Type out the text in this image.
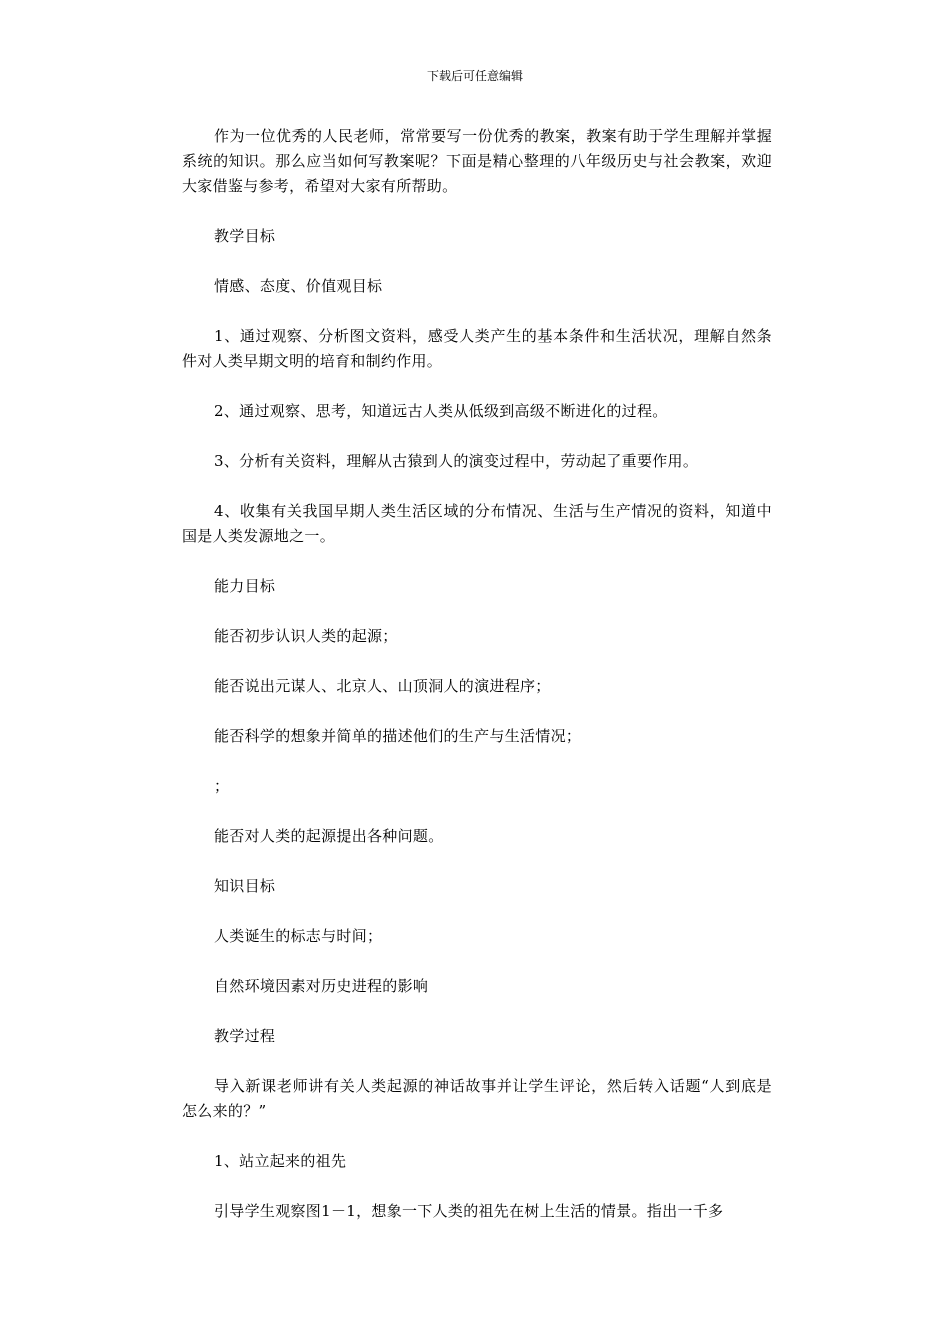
下载后可任意编辑

作为一位优秀的人民老师，常常要写一份优秀的教案，教案有助于学生理解并掌握系统的知识。那么应当如何写教案呢？下面是精心整理的八年级历史与社会教案，欢迎大家借鉴与参考，希望对大家有所帮助。

教学目标

情感、态度、价值观目标

1、通过观察、分析图文资料，感受人类产生的基本条件和生活状况，理解自然条件对人类早期文明的培育和制约作用。

2、通过观察、思考，知道远古人类从低级到高级不断进化的过程。

3、分析有关资料，理解从古猿到人的演变过程中，劳动起了重要作用。

4、收集有关我国早期人类生活区域的分布情况、生活与生产情况的资料，知道中国是人类发源地之一。

能力目标

能否初步认识人类的起源；

能否说出元谋人、北京人、山顶洞人的演进程序；

能否科学的想象并简单的描述他们的生产与生活情况；

；

能否对人类的起源提出各种问题。

知识目标

人类诞生的标志与时间；

自然环境因素对历史进程的影响

教学过程

导入新课老师讲有关人类起源的神话故事并让学生评论，然后转入话题“人到底是怎么来的？”

1、站立起来的祖先

引导学生观察图1－1，想象一下人类的祖先在树上生活的情景。指出一千多
